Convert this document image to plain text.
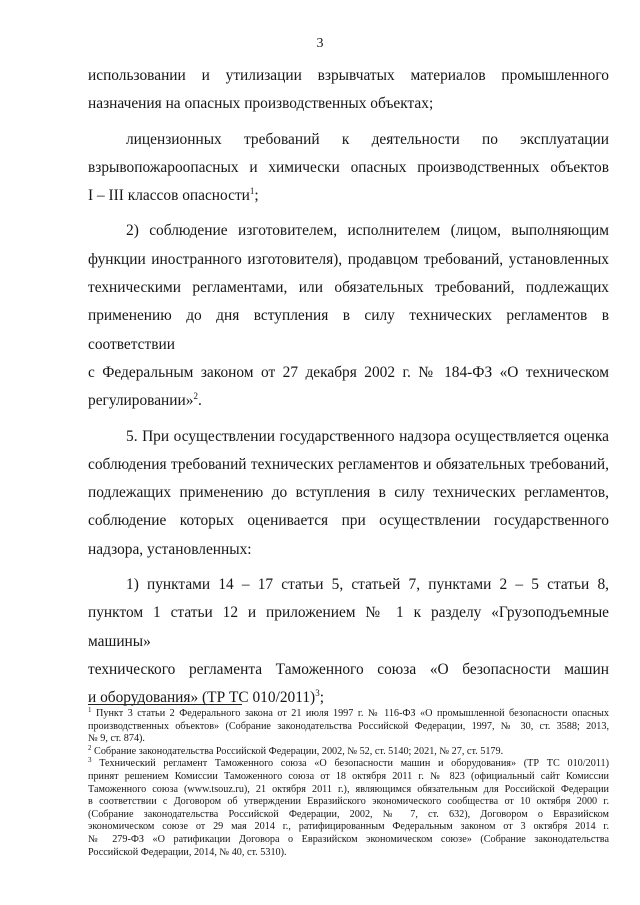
3

использовании и утилизации взрывчатых материалов промышленного
назначения на опасных производственных объектах;

лицензионных требований к деятельности по эксплуатации
взрывопожароопасных и химически опасных производственных объектов
I – III классов опасности$^1$;

2) соблюдение изготовителем, исполнителем (лицом, выполняющим
функции иностранного изготовителя), продавцом требований, установленных
техническими регламентами, или обязательных требований, подлежащих
применению до дня вступления в силу технических регламентов в соответствии
с Федеральным законом от 27 декабря 2002 г. № 184-ФЗ «О техническом
регулировании»$^2$.

5. При осуществлении государственного надзора осуществляется оценка
соблюдения требований технических регламентов и обязательных требований,
подлежащих применению до вступления в силу технических регламентов,
соблюдение которых оценивается при осуществлении государственного
надзора, установленных:

1) пунктами 14 – 17 статьи 5, статьей 7, пунктами 2 – 5 статьи 8,
пунктом 1 статьи 12 и приложением № 1 к разделу «Грузоподъемные машины»
технического регламента Таможенного союза «О безопасности машин
и оборудования» (ТР ТС 010/2011)$^3$;

$^1$ Пункт 3 статьи 2 Федерального закона от 21 июля 1997 г. № 116-ФЗ «О промышленной безопасности опасных
производственных объектов» (Собрание законодательства Российской Федерации, 1997, № 30, ст. 3588; 2013,
№ 9, ст. 874).

$^2$ Собрание законодательства Российской Федерации, 2002, № 52, ст. 5140; 2021, № 27, ст. 5179.

$^3$ Технический регламент Таможенного союза «О безопасности машин и оборудования» (ТР ТС 010/2011)
принят решением Комиссии Таможенного союза от 18 октября 2011 г. № 823 (официальный сайт Комиссии
Таможенного союза (www.tsouz.ru), 21 октября 2011 г.), являющимся обязательным для Российской Федерации
в соответствии с Договором об утверждении Евразийского экономического сообщества от 10 октября 2000 г.
(Собрание законодательства Российской Федерации, 2002, № 7, ст. 632), Договором о Евразийском
экономическом союзе от 29 мая 2014 г., ратифицированным Федеральным законом от 3 октября 2014 г.
№ 279-ФЗ «О ратификации Договора о Евразийском экономическом союзе» (Собрание законодательства
Российской Федерации, 2014, № 40, ст. 5310).
